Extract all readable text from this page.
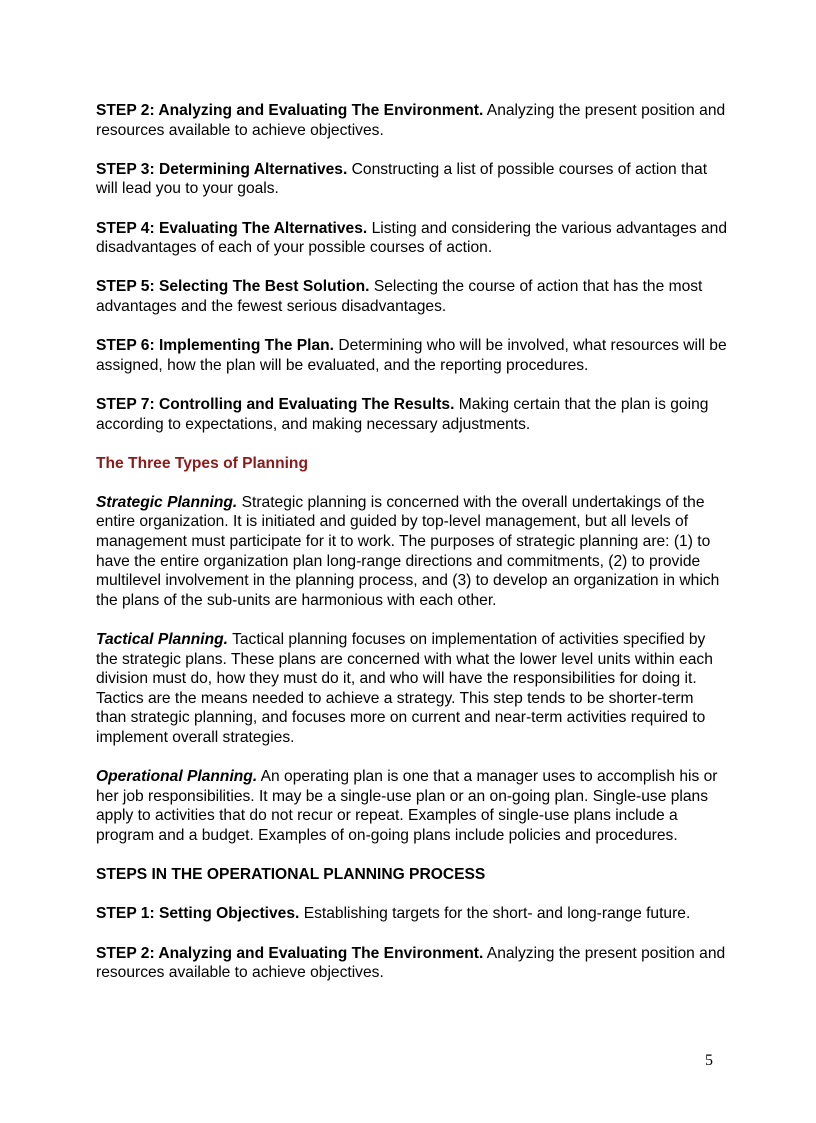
STEP 2: Analyzing and Evaluating The Environment. Analyzing the present position and resources available to achieve objectives.

STEP 3: Determining Alternatives. Constructing a list of possible courses of action that will lead you to your goals.

STEP 4: Evaluating The Alternatives. Listing and considering the various advantages and disadvantages of each of your possible courses of action.

STEP 5: Selecting The Best Solution. Selecting the course of action that has the most advantages and the fewest serious disadvantages.

STEP 6: Implementing The Plan. Determining who will be involved, what resources will be assigned, how the plan will be evaluated, and the reporting procedures.

STEP 7: Controlling and Evaluating The Results. Making certain that the plan is going according to expectations, and making necessary adjustments.

The Three Types of Planning

Strategic Planning. Strategic planning is concerned with the overall undertakings of the entire organization. It is initiated and guided by top-level management, but all levels of management must participate for it to work. The purposes of strategic planning are: (1) to have the entire organization plan long-range directions and commitments, (2) to provide multilevel involvement in the planning process, and (3) to develop an organization in which the plans of the sub-units are harmonious with each other.

Tactical Planning. Tactical planning focuses on implementation of activities specified by the strategic plans. These plans are concerned with what the lower level units within each division must do, how they must do it, and who will have the responsibilities for doing it. Tactics are the means needed to achieve a strategy. This step tends to be shorter-term than strategic planning, and focuses more on current and near-term activities required to implement overall strategies.

Operational Planning. An operating plan is one that a manager uses to accomplish his or her job responsibilities. It may be a single-use plan or an on-going plan. Single-use plans apply to activities that do not recur or repeat. Examples of single-use plans include a program and a budget. Examples of on-going plans include policies and procedures.

STEPS IN THE OPERATIONAL PLANNING PROCESS

STEP 1: Setting Objectives. Establishing targets for the short- and long-range future.

STEP 2: Analyzing and Evaluating The Environment. Analyzing the present position and resources available to achieve objectives.

5
